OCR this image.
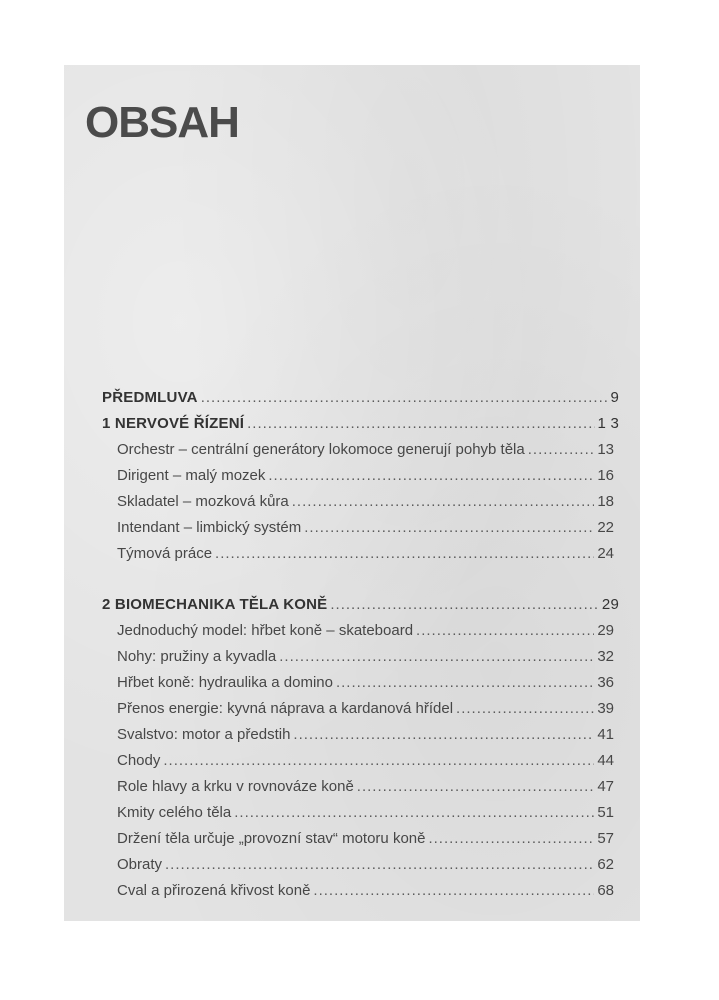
OBSAH
PŘEDMLUVA .....	9
1 NERVOVÉ ŘÍZENÍ .....	1 3
Orchestr – centrální generátory lokomoce generují pohyb těla .....	13
Dirigent – malý mozek .....	16
Skladatel – mozková kůra .....	18
Intendant – limbický systém .....	22
Týmová práce .....	24
2 BIOMECHANIKA TĚLA KONĚ .....	29
Jednoduchý model: hřbet koně – skateboard .....	29
Nohy: pružiny a kyvadla .....	32
Hřbet koně: hydraulika a domino .....	36
Přenos energie: kyvná náprava a kardanová hřídel .....	39
Svalstvo: motor a předstih .....	41
Chody .....	44
Role hlavy a krku v rovnováze koně .....	47
Kmity celého těla .....	51
Držení těla určuje „provozní stav“ motoru koně .....	57
Obraty .....	62
Cval a přirozená křivost koně .....	68
